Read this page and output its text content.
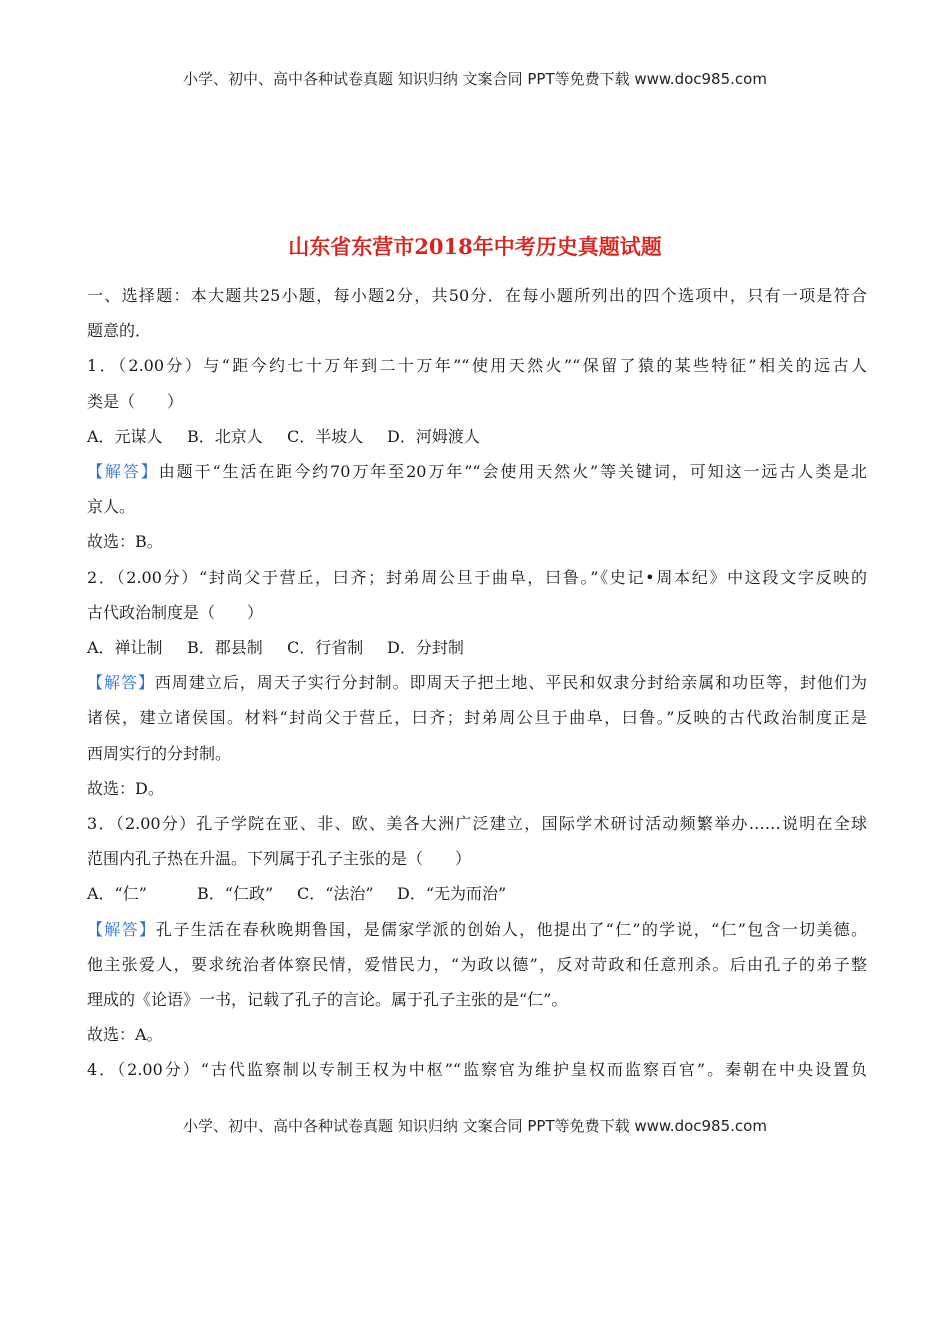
小学、初中、高中各种试卷真题 知识归纳 文案合同 PPT等免费下载 www.doc985.com
山东省东营市2018年中考历史真题试题

一、选择题：本大题共25小题，每小题2分，共50分．在每小题所列出的四个选项中，只有一项是符合

题意的．

1．（2.00分）与“距今约七十万年到二十万年”“使用天然火”“保留了猿的某些特征”相关的远古人

类是（　　）

A．元谋人 B．北京人 C．半坡人 D．河姆渡人

【解答】由题干“生活在距今约70万年至20万年”“会使用天然火”等关键词，可知这一远古人类是北

京人。

故选：B。

2．（2.00分）“封尚父于营丘，曰齐；封弟周公旦于曲阜，曰鲁。”《史记•周本纪》中这段文字反映的

古代政治制度是（　　）

A．禅让制 B．郡县制 C．行省制 D．分封制

【解答】西周建立后，周天子实行分封制。即周天子把土地、平民和奴隶分封给亲属和功臣等，封他们为

诸侯，建立诸侯国。材料“封尚父于营丘，曰齐；封弟周公旦于曲阜，曰鲁。”反映的古代政治制度正是

西周实行的分封制。

故选：D。

3．（2.00分）孔子学院在亚、非、欧、美各大洲广泛建立，国际学术研讨活动频繁举办……说明在全球

范围内孔子热在升温。下列属于孔子主张的是（　　）

A．“仁”	B．“仁政” C．“法治” D．“无为而治”

【解答】孔子生活在春秋晚期鲁国，是儒家学派的创始人，他提出了“仁”的学说，“仁”包含一切美德。

他主张爱人，要求统治者体察民情，爱惜民力，“为政以德”，反对苛政和任意刑杀。后由孔子的弟子整

理成的《论语》一书，记载了孔子的言论。属于孔子主张的是“仁”。

故选：A。

4．（2.00分）“古代监察制以专制王权为中枢”“监察官为维护皇权而监察百官”。秦朝在中央设置负

小学、初中、高中各种试卷真题 知识归纳 文案合同 PPT等免费下载 www.doc985.com
